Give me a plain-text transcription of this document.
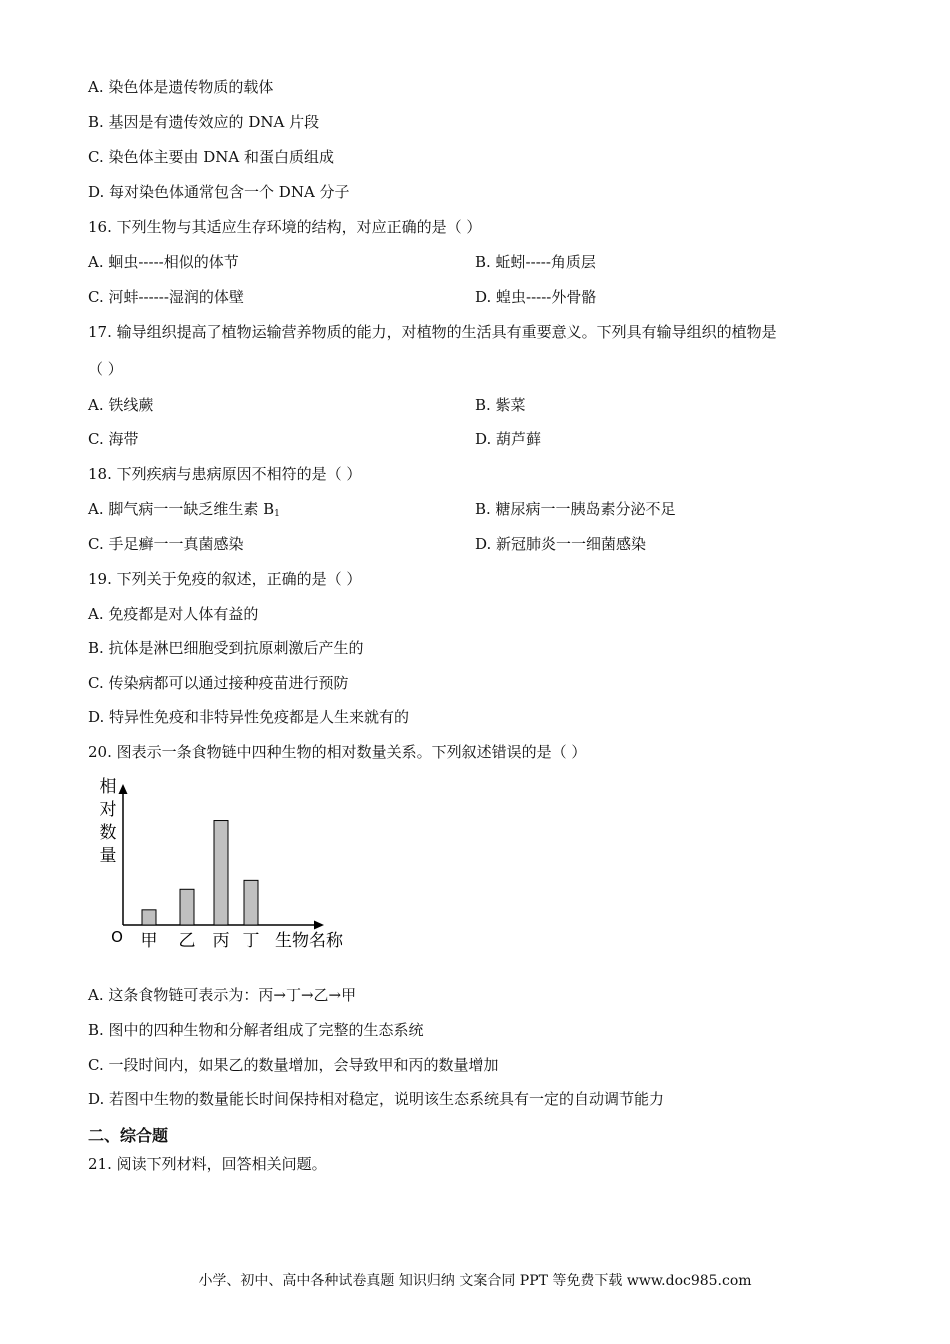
A. 染色体是遗传物质的载体
B. 基因是有遗传效应的 DNA 片段
C. 染色体主要由 DNA 和蛋白质组成
D. 每对染色体通常包含一个 DNA 分子
16. 下列生物与其适应生存环境的结构，对应正确的是（ ）
A. 蛔虫-----相似的体节	B. 蚯蚓-----角质层
C. 河蚌------湿润的体壁	D. 蝗虫-----外骨骼
17. 输导组织提高了植物运输营养物质的能力，对植物的生活具有重要意义。下列具有输导组织的植物是
（ ）
A. 铁线蕨	B. 紫菜
C. 海带	D. 葫芦藓
18. 下列疾病与患病原因不相符的是（ ）
A. 脚气病一一缺乏维生素 $B_1$	B. 糖尿病一一胰岛素分泌不足
C. 手足癣一一真菌感染	D. 新冠肺炎一一细菌感染
19. 下列关于免疫的叙述，正确的是（ ）
A. 免疫都是对人体有益的
B. 抗体是淋巴细胞受到抗原刺激后产生的
C. 传染病都可以通过接种疫苗进行预防
D. 特异性免疫和非特异性免疫都是人生来就有的
20. 图表示一条食物链中四种生物的相对数量关系。下列叙述错误的是（ ）
相
对
数
量
O 甲 乙 丙 丁 生物名称
A. 这条食物链可表示为：丙→丁→乙→甲
B. 图中的四种生物和分解者组成了完整的生态系统
C. 一段时间内，如果乙的数量增加，会导致甲和丙的数量增加
D. 若图中生物的数量能长时间保持相对稳定，说明该生态系统具有一定的自动调节能力
二、综合题
21. 阅读下列材料，回答相关问题。
小学、初中、高中各种试卷真题 知识归纳 文案合同 PPT 等免费下载 www.doc985.com
